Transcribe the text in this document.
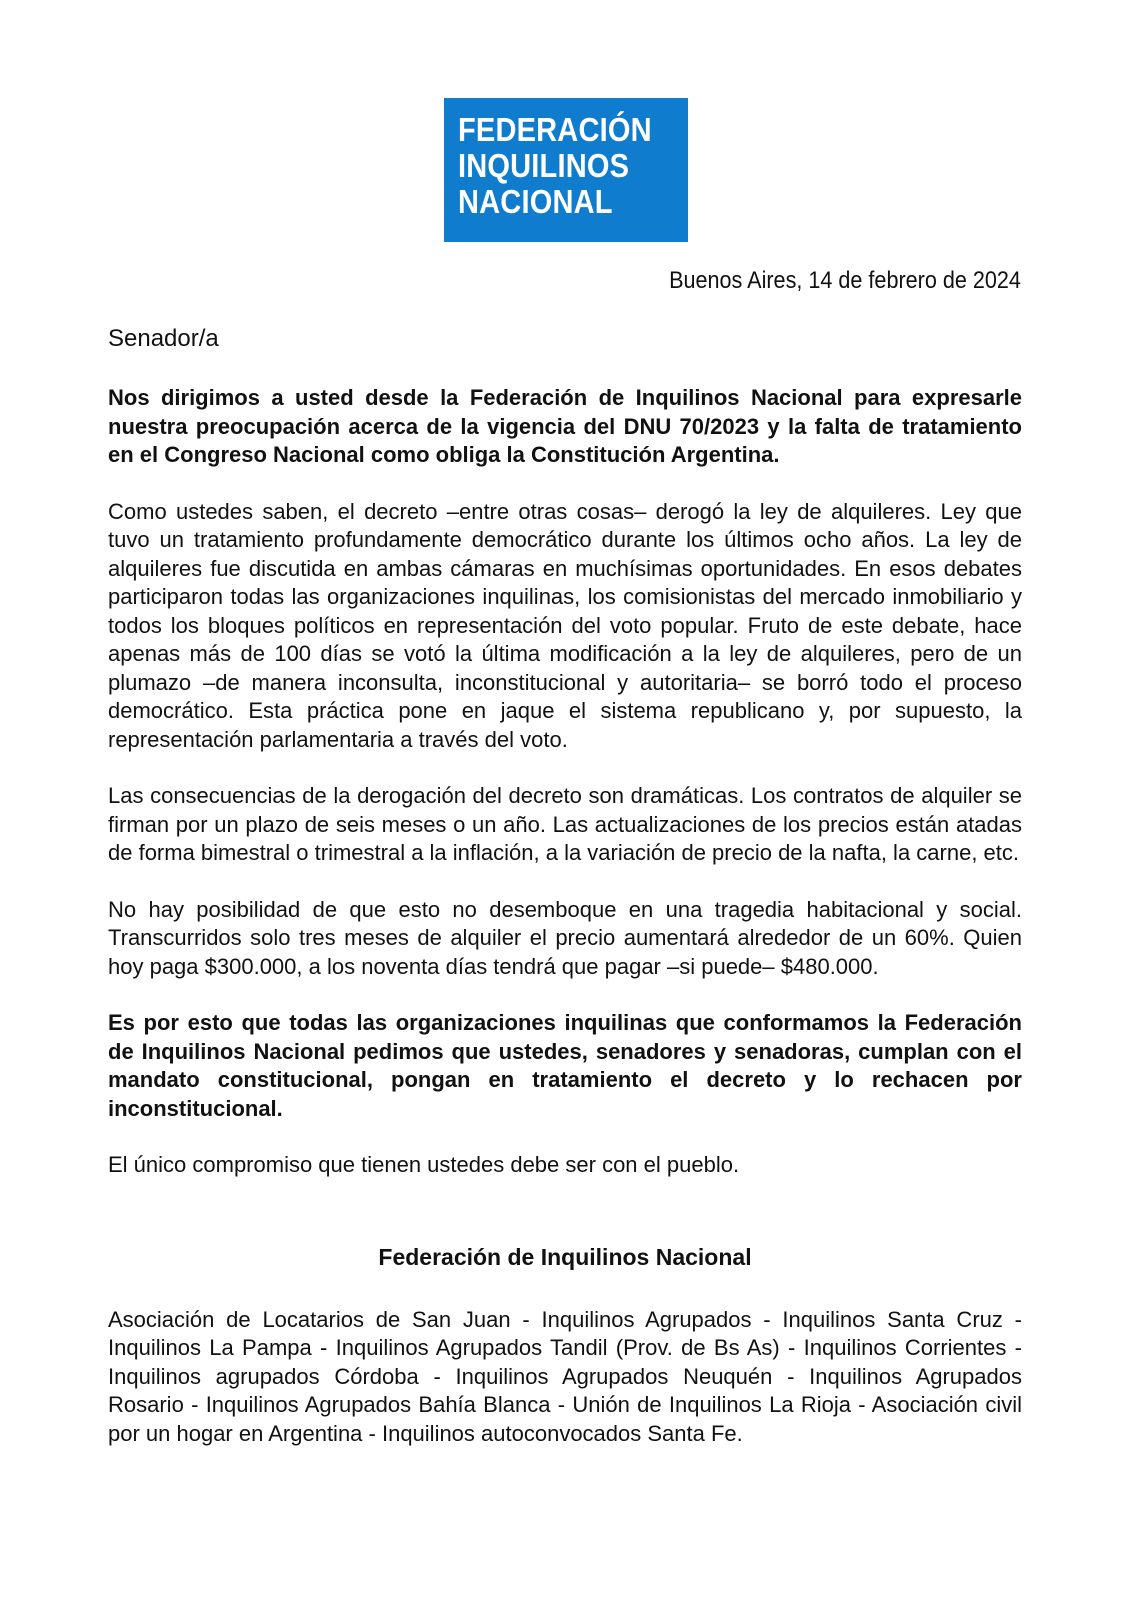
FEDERACIÓN
INQUILINOS
NACIONAL
Buenos Aires, 14 de febrero de 2024

Senador/a

Nos dirigimos a usted desde la Federación de Inquilinos Nacional para expresarle nuestra preocupación acerca de la vigencia del DNU 70/2023 y la falta de tratamiento en el Congreso Nacional como obliga la Constitución Argentina.

Como ustedes saben, el decreto –entre otras cosas– derogó la ley de alquileres. Ley que tuvo un tratamiento profundamente democrático durante los últimos ocho años. La ley de alquileres fue discutida en ambas cámaras en muchísimas oportunidades. En esos debates participaron todas las organizaciones inquilinas, los comisionistas del mercado inmobiliario y todos los bloques políticos en representación del voto popular. Fruto de este debate, hace apenas más de 100 días se votó la última modificación a la ley de alquileres, pero de un plumazo –de manera inconsulta, inconstitucional y autoritaria– se borró todo el proceso democrático. Esta práctica pone en jaque el sistema republicano y, por supuesto, la representación parlamentaria a través del voto.

Las consecuencias de la derogación del decreto son dramáticas. Los contratos de alquiler se firman por un plazo de seis meses o un año. Las actualizaciones de los precios están atadas de forma bimestral o trimestral a la inflación, a la variación de precio de la nafta, la carne, etc.

No hay posibilidad de que esto no desemboque en una tragedia habitacional y social. Transcurridos solo tres meses de alquiler el precio aumentará alrededor de un 60%. Quien hoy paga $300.000, a los noventa días tendrá que pagar –si puede– $480.000.

Es por esto que todas las organizaciones inquilinas que conformamos la Federación de Inquilinos Nacional pedimos que ustedes, senadores y senadoras, cumplan con el mandato constitucional, pongan en tratamiento el decreto y lo rechacen por inconstitucional.

El único compromiso que tienen ustedes debe ser con el pueblo.

Federación de Inquilinos Nacional

Asociación de Locatarios de San Juan - Inquilinos Agrupados - Inquilinos Santa Cruz - Inquilinos La Pampa - Inquilinos Agrupados Tandil (Prov. de Bs As) - Inquilinos Corrientes - Inquilinos agrupados Córdoba - Inquilinos Agrupados Neuquén - Inquilinos Agrupados Rosario - Inquilinos Agrupados Bahía Blanca - Unión de Inquilinos La Rioja - Asociación civil por un hogar en Argentina - Inquilinos autoconvocados Santa Fe.
